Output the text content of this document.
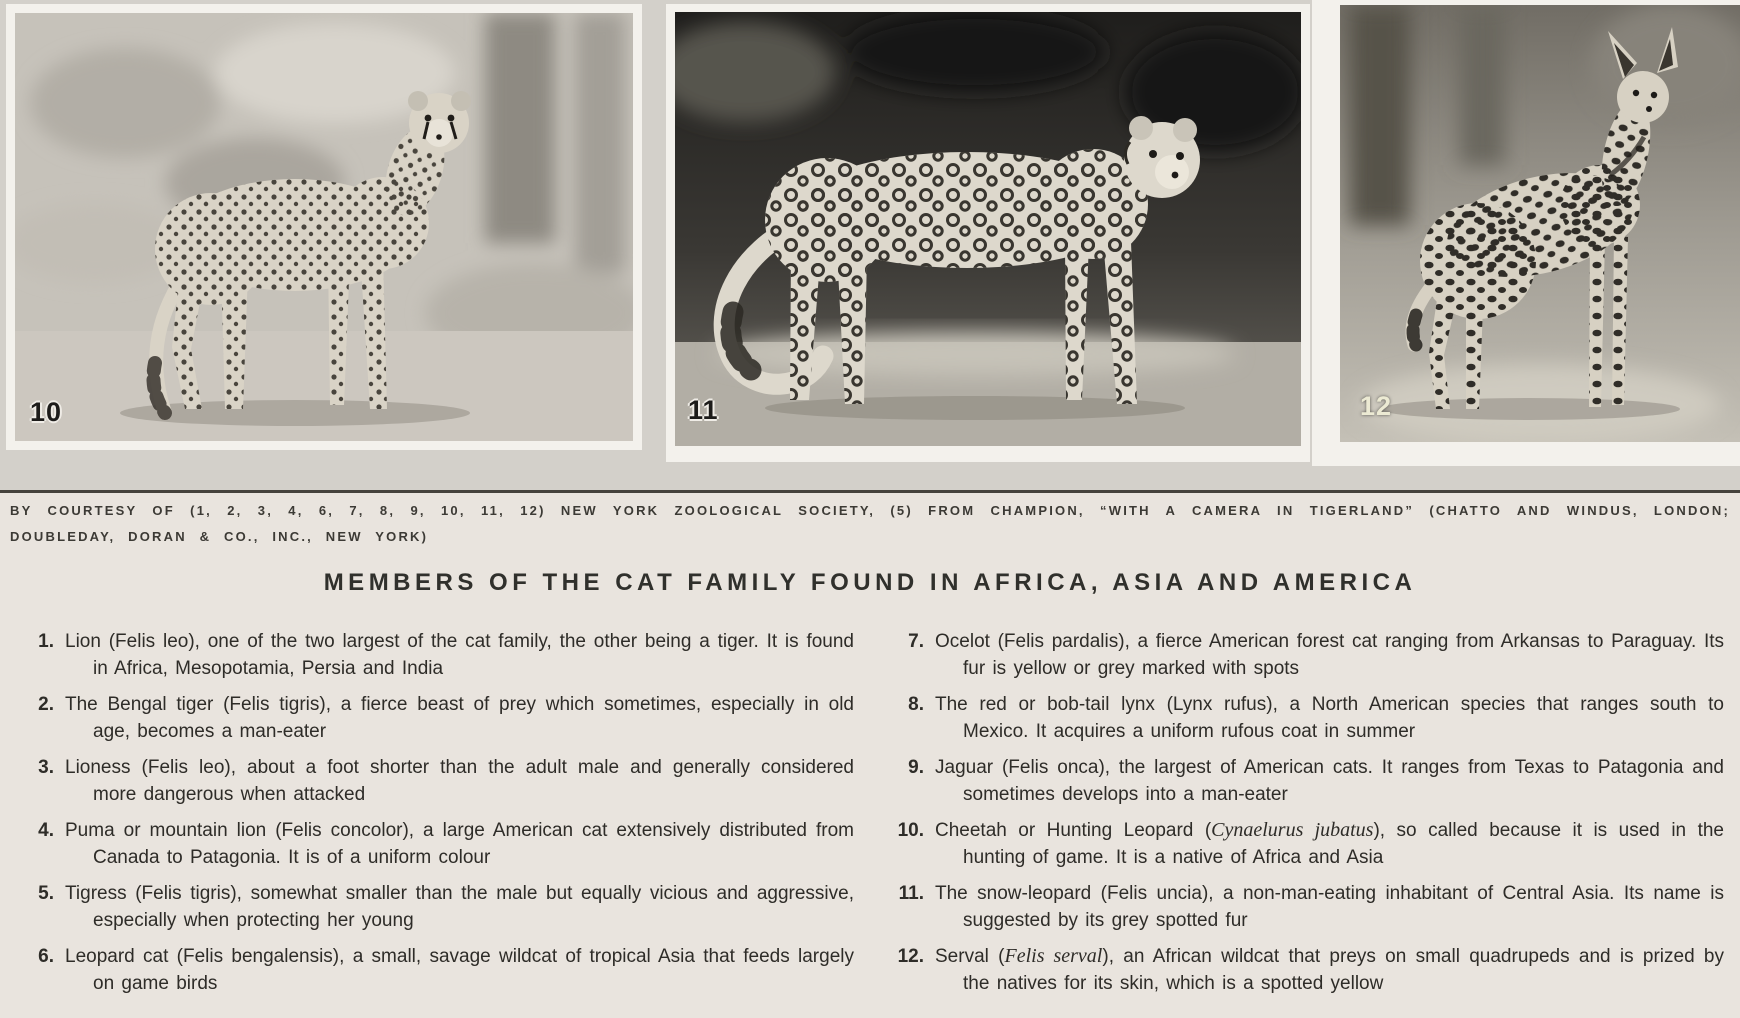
10	11	12
BY COURTESY OF (1, 2, 3, 4, 6, 7, 8, 9, 10, 11, 12) NEW YORK ZOOLOGICAL SOCIETY, (5) FROM CHAMPION, “WITH A CAMERA IN TIGERLAND” (CHATTO AND WINDUS, LONDON;
DOUBLEDAY, DORAN & CO., INC., NEW YORK)
MEMBERS OF THE CAT FAMILY FOUND IN AFRICA, ASIA AND AMERICA
1. Lion (Felis leo), one of the two largest of the cat family, the other being a tiger. It is found in Africa, Mesopotamia, Persia and India

2. The Bengal tiger (Felis tigris), a fierce beast of prey which sometimes, especially in old age, becomes a man-eater

3. Lioness (Felis leo), about a foot shorter than the adult male and generally considered more dangerous when attacked

4. Puma or mountain lion (Felis concolor), a large American cat extensively distributed from Canada to Patagonia. It is of a uniform colour

5. Tigress (Felis tigris), somewhat smaller than the male but equally vicious and aggressive, especially when protecting her young

6. Leopard cat (Felis bengalensis), a small, savage wildcat of tropical Asia that feeds largely on game birds

7. Ocelot (Felis pardalis), a fierce American forest cat ranging from Arkansas to Paraguay. Its fur is yellow or grey marked with spots

8. The red or bob-tail lynx (Lynx rufus), a North American species that ranges south to Mexico. It acquires a uniform rufous coat in summer

9. Jaguar (Felis onca), the largest of American cats. It ranges from Texas to Patagonia and sometimes develops into a man-eater

10. Cheetah or Hunting Leopard (Cynaelurus jubatus), so called because it is used in the hunting of game. It is a native of Africa and Asia

11. The snow-leopard (Felis uncia), a non-man-eating inhabitant of Central Asia. Its name is suggested by its grey spotted fur

12. Serval (Felis serval), an African wildcat that preys on small quadrupeds and is prized by the natives for its skin, which is a spotted yellow
